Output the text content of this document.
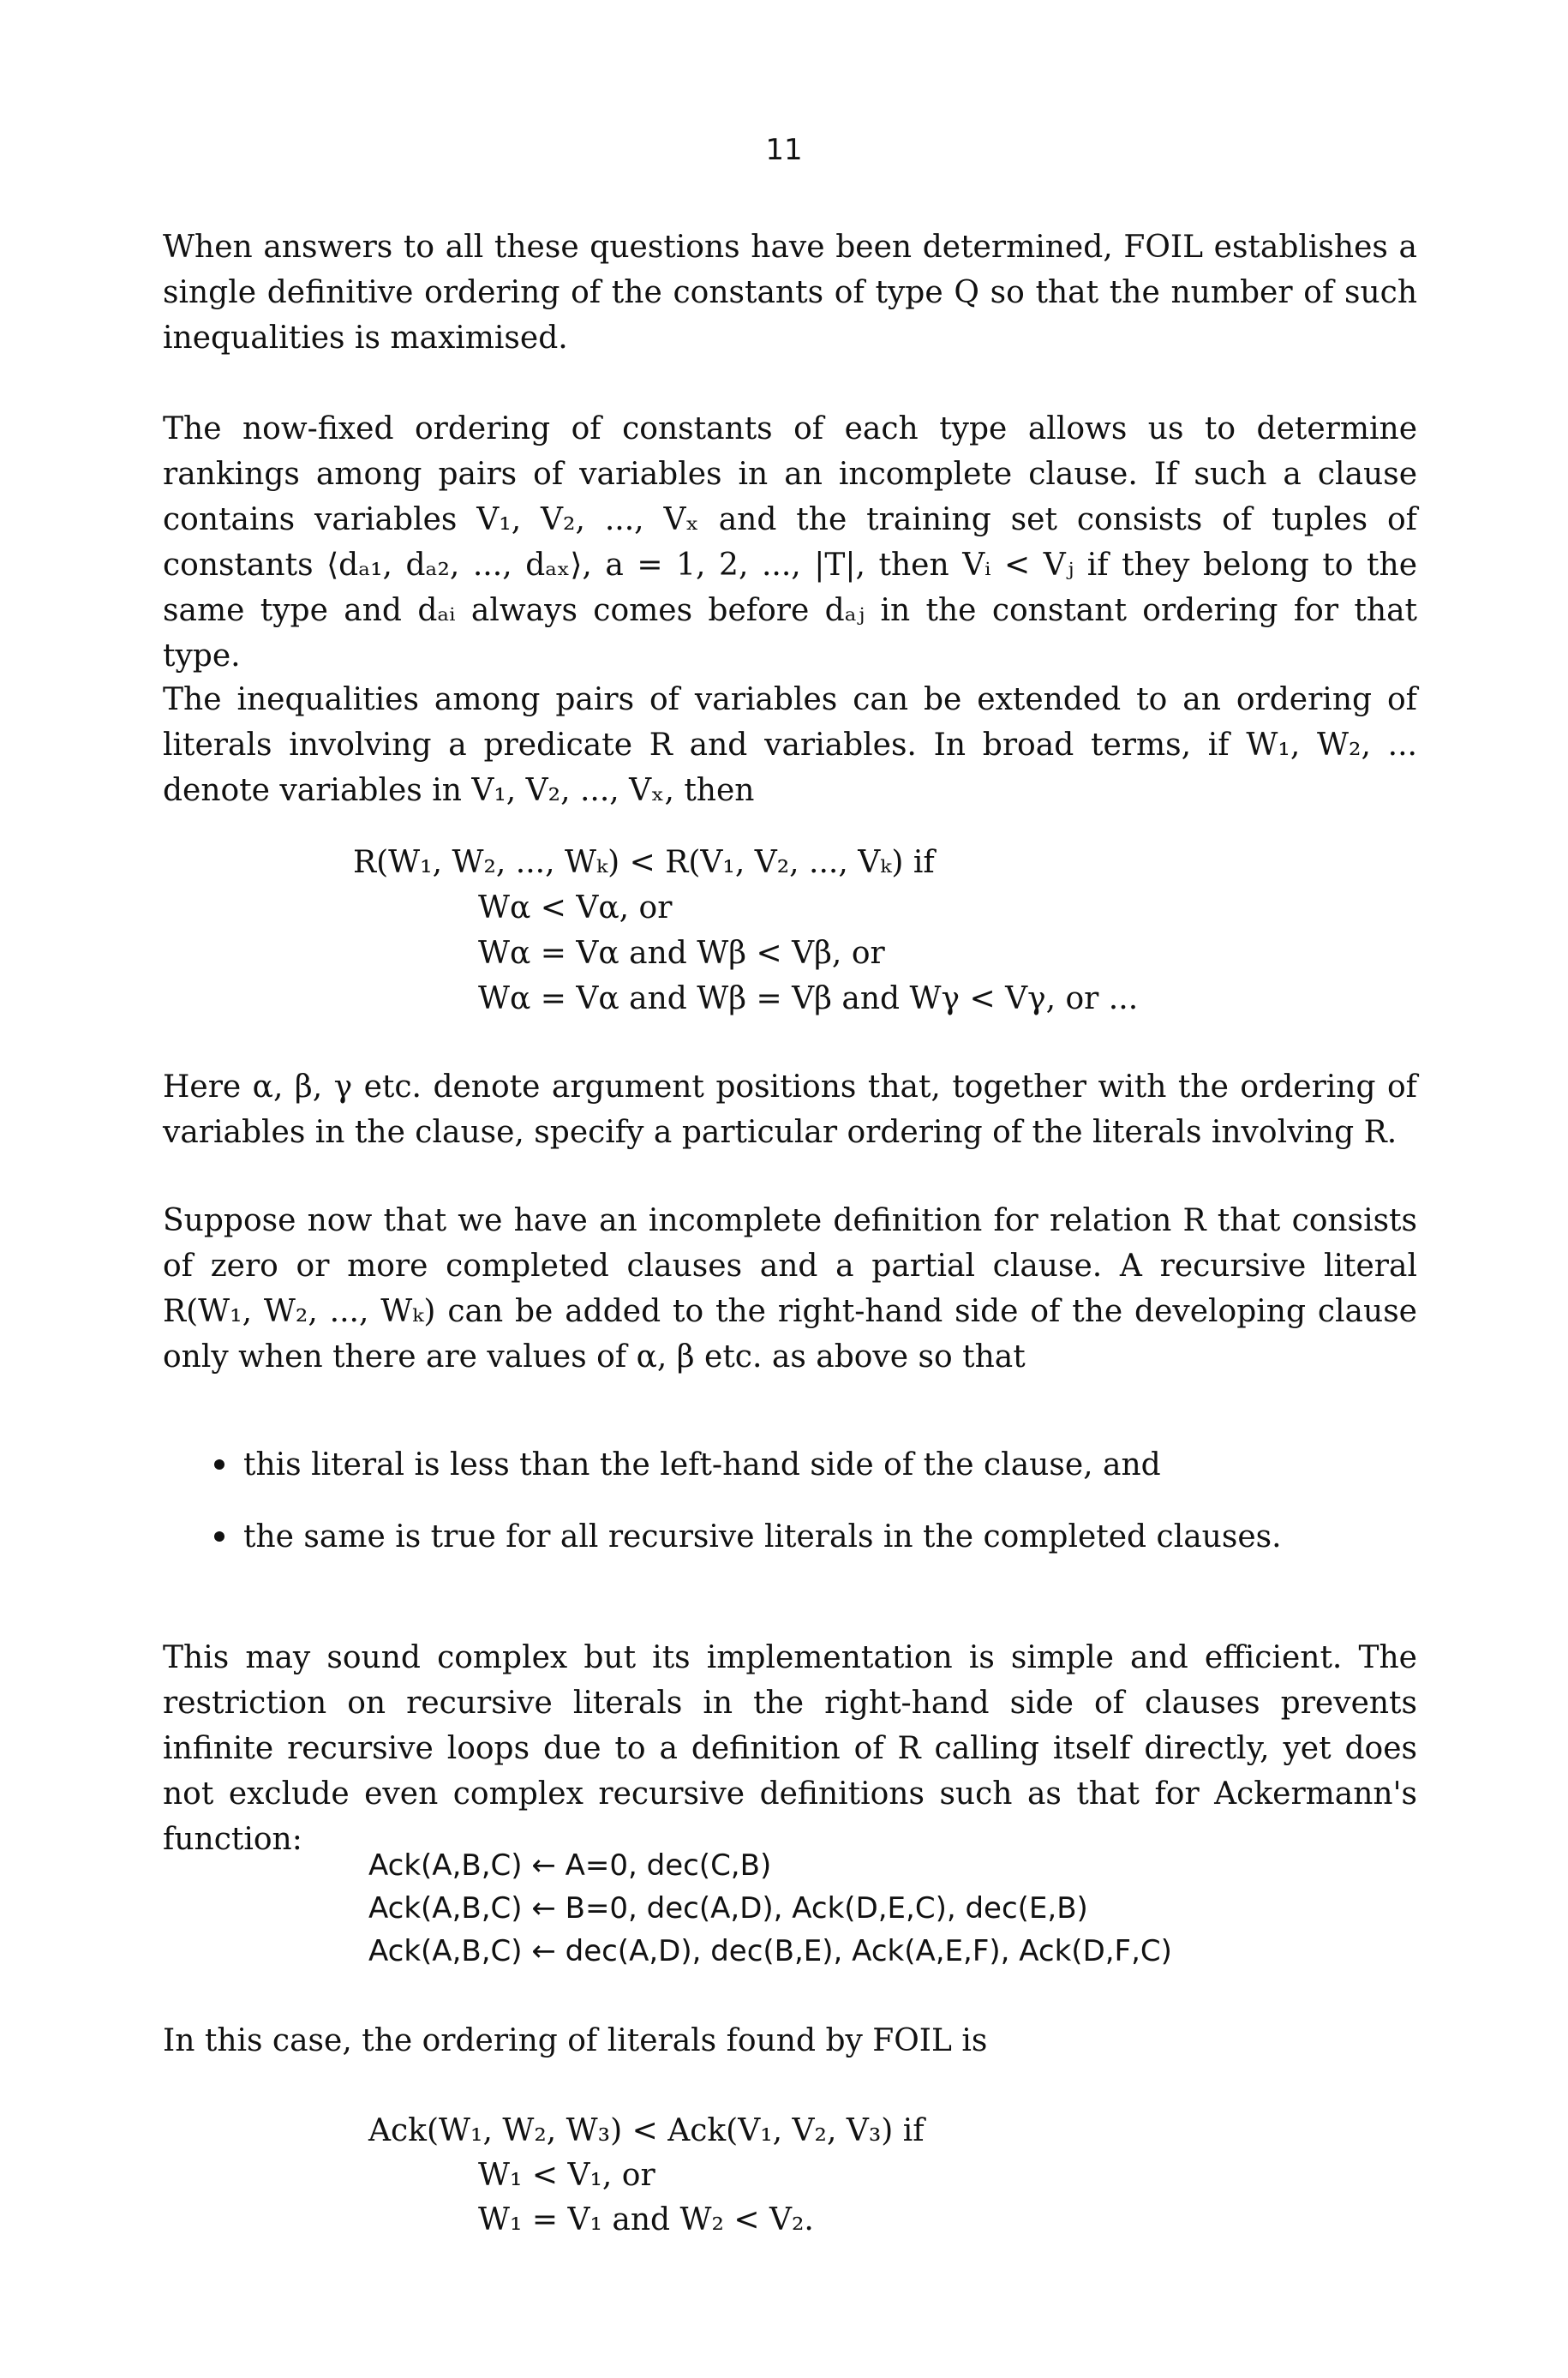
11

When answers to all these questions have been determined, FOIL establishes a single definitive ordering of the constants of type Q so that the number of such inequalities is maximised.

The now-fixed ordering of constants of each type allows us to determine rankings among pairs of variables in an incomplete clause. If such a clause contains variables V₁, V₂, ..., Vₓ and the training set consists of tuples of constants ⟨dₐ₁, dₐ₂, ..., dₐₓ⟩, a = 1, 2, ..., |T|, then Vᵢ < Vⱼ if they belong to the same type and dₐᵢ always comes before dₐⱼ in the constant ordering for that type.

The inequalities among pairs of variables can be extended to an ordering of literals involving a predicate R and variables. In broad terms, if W₁, W₂, ... denote variables in V₁, V₂, ..., Vₓ, then

R(W₁, W₂, ..., Wₖ) < R(V₁, V₂, ..., Vₖ) if

Wα < Vα, or

Wα = Vα and Wβ < Vβ, or

Wα = Vα and Wβ = Vβ and Wγ < Vγ, or ...

Here α, β, γ etc. denote argument positions that, together with the ordering of variables in the clause, specify a particular ordering of the literals involving R.

Suppose now that we have an incomplete definition for relation R that consists of zero or more completed clauses and a partial clause. A recursive literal R(W₁, W₂, ..., Wₖ) can be added to the right-hand side of the developing clause only when there are values of α, β etc. as above so that

this literal is less than the left-hand side of the clause, and
the same is true for all recursive literals in the completed clauses.

This may sound complex but its implementation is simple and efficient. The restriction on recursive literals in the right-hand side of clauses prevents infinite recursive loops due to a definition of R calling itself directly, yet does not exclude even complex recursive definitions such as that for Ackermann's function:

Ack(A,B,C) ← A=0, dec(C,B)

Ack(A,B,C) ← B=0, dec(A,D), Ack(D,E,C), dec(E,B)

Ack(A,B,C) ← dec(A,D), dec(B,E), Ack(A,E,F), Ack(D,F,C)

In this case, the ordering of literals found by FOIL is

Ack(W₁, W₂, W₃) < Ack(V₁, V₂, V₃) if

W₁ < V₁, or

W₁ = V₁ and W₂ < V₂.
